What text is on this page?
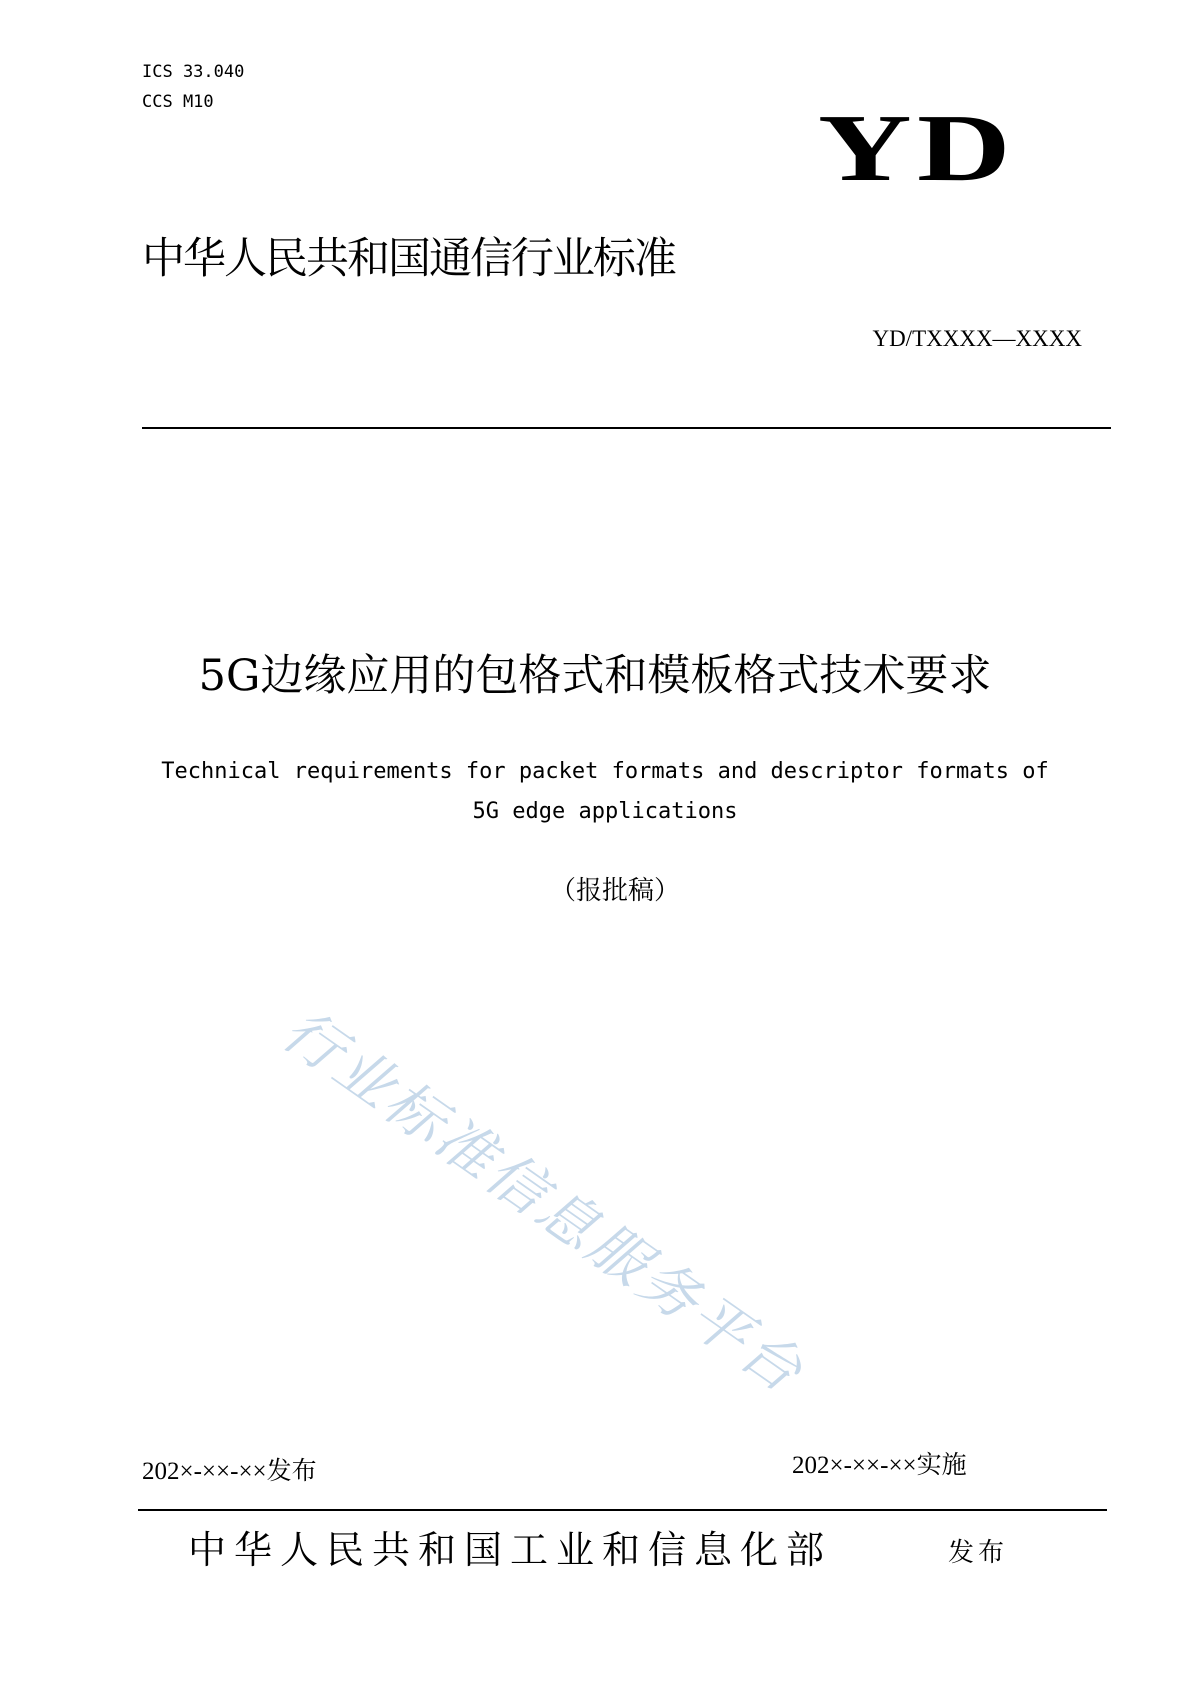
ICS 33.040
CCS M10	YD
中华人民共和国通信行业标准
YD/TXXXX—XXXX
5G边缘应用的包格式和模板格式技术要求
Technical requirements for packet formats and descriptor formats of
5G edge applications
（报批稿）
行业标准信息服务平台
202×-××-××发布	202×-××-××实施
中华人民共和国工业和信息化部	发布
